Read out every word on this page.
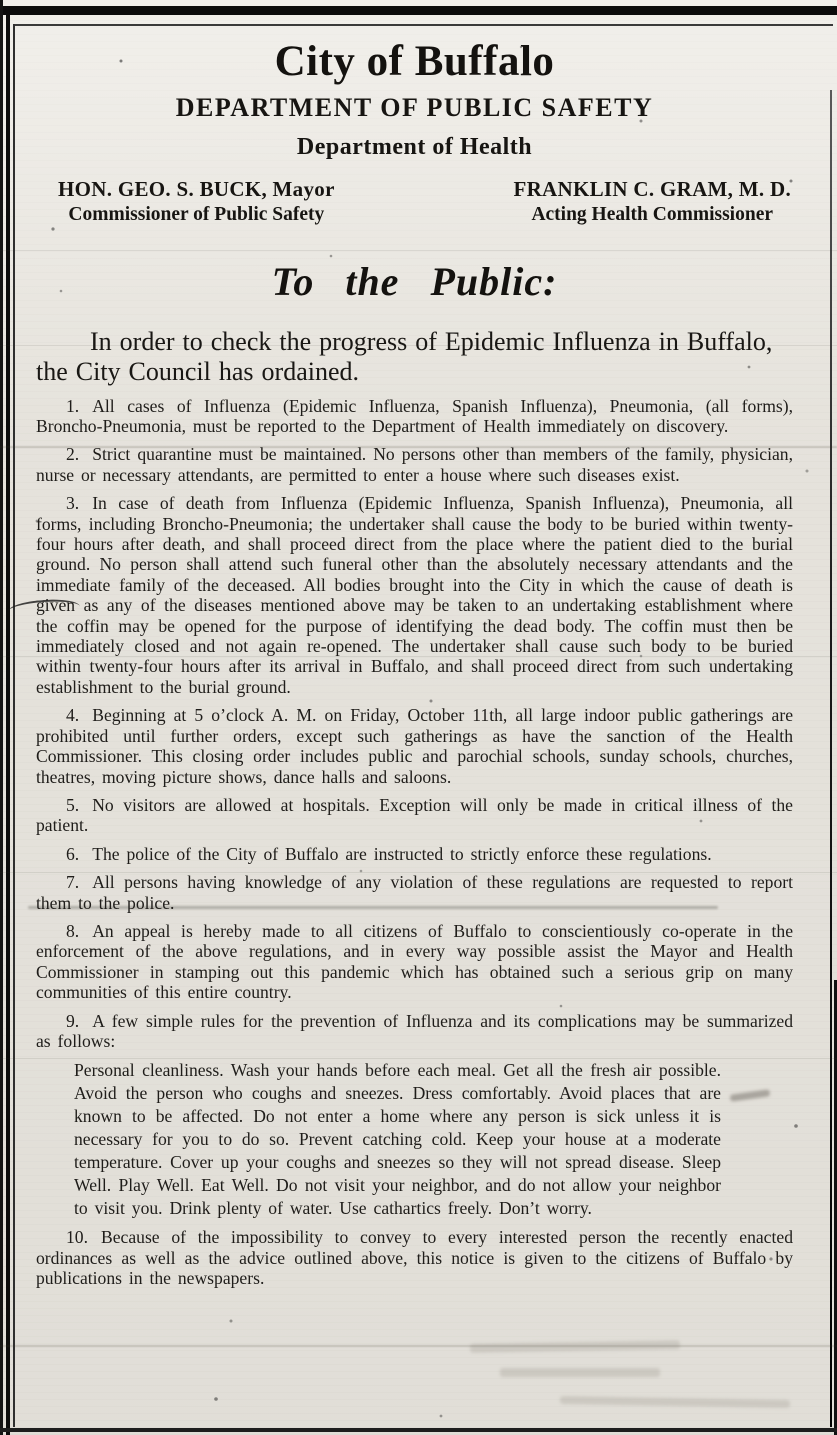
City of Buffalo
DEPARTMENT OF PUBLIC SAFETY
Department of Health
HON. GEO. S. BUCK, Mayor
Commissioner of Public Safety
FRANKLIN C. GRAM, M. D.
Acting Health Commissioner
To the Public:

In order to check the progress of Epidemic Influenza in Buffalo, the City Council has ordained.

1. All cases of Influenza (Epidemic Influenza, Spanish Influenza), Pneumonia, (all forms), Broncho-Pneumonia, must be reported to the Department of Health immediately on discovery.

2. Strict quarantine must be maintained. No persons other than members of the family, physician, nurse or necessary attendants, are permitted to enter a house where such diseases exist.

3. In case of death from Influenza (Epidemic Influenza, Spanish Influenza), Pneumonia, all forms, including Broncho-Pneumonia; the undertaker shall cause the body to be buried within twenty-four hours after death, and shall proceed direct from the place where the patient died to the burial ground. No person shall attend such funeral other than the absolutely necessary attendants and the immediate family of the deceased. All bodies brought into the City in which the cause of death is given as any of the diseases mentioned above may be taken to an undertaking establishment where the coffin may be opened for the purpose of identifying the dead body. The coffin must then be immediately closed and not again re-opened. The undertaker shall cause such body to be buried within twenty-four hours after its arrival in Buffalo, and shall proceed direct from such undertaking establishment to the burial ground.

4. Beginning at 5 o’clock A. M. on Friday, October 11th, all large indoor public gatherings are prohibited until further orders, except such gatherings as have the sanction of the Health Commissioner. This closing order includes public and parochial schools, sunday schools, churches, theatres, moving picture shows, dance halls and saloons.

5. No visitors are allowed at hospitals. Exception will only be made in critical illness of the patient.

6. The police of the City of Buffalo are instructed to strictly enforce these regulations.

7. All persons having knowledge of any violation of these regulations are requested to report them to the police.

8. An appeal is hereby made to all citizens of Buffalo to conscientiously co-operate in the enforcement of the above regulations, and in every way possible assist the Mayor and Health Commissioner in stamping out this pandemic which has obtained such a serious grip on many communities of this entire country.

9. A few simple rules for the prevention of Influenza and its complications may be summarized as follows:

Personal cleanliness. Wash your hands before each meal. Get all the fresh air possible. Avoid the person who coughs and sneezes. Dress comfortably. Avoid places that are known to be affected. Do not enter a home where any person is sick unless it is necessary for you to do so. Prevent catching cold. Keep your house at a moderate temperature. Cover up your coughs and sneezes so they will not spread disease. Sleep Well. Play Well. Eat Well. Do not visit your neighbor, and do not allow your neighbor to visit you. Drink plenty of water. Use cathartics freely. Don’t worry.

10. Because of the impossibility to convey to every interested person the recently enacted ordinances as well as the advice outlined above, this notice is given to the citizens of Buffalo by publications in the newspapers.
